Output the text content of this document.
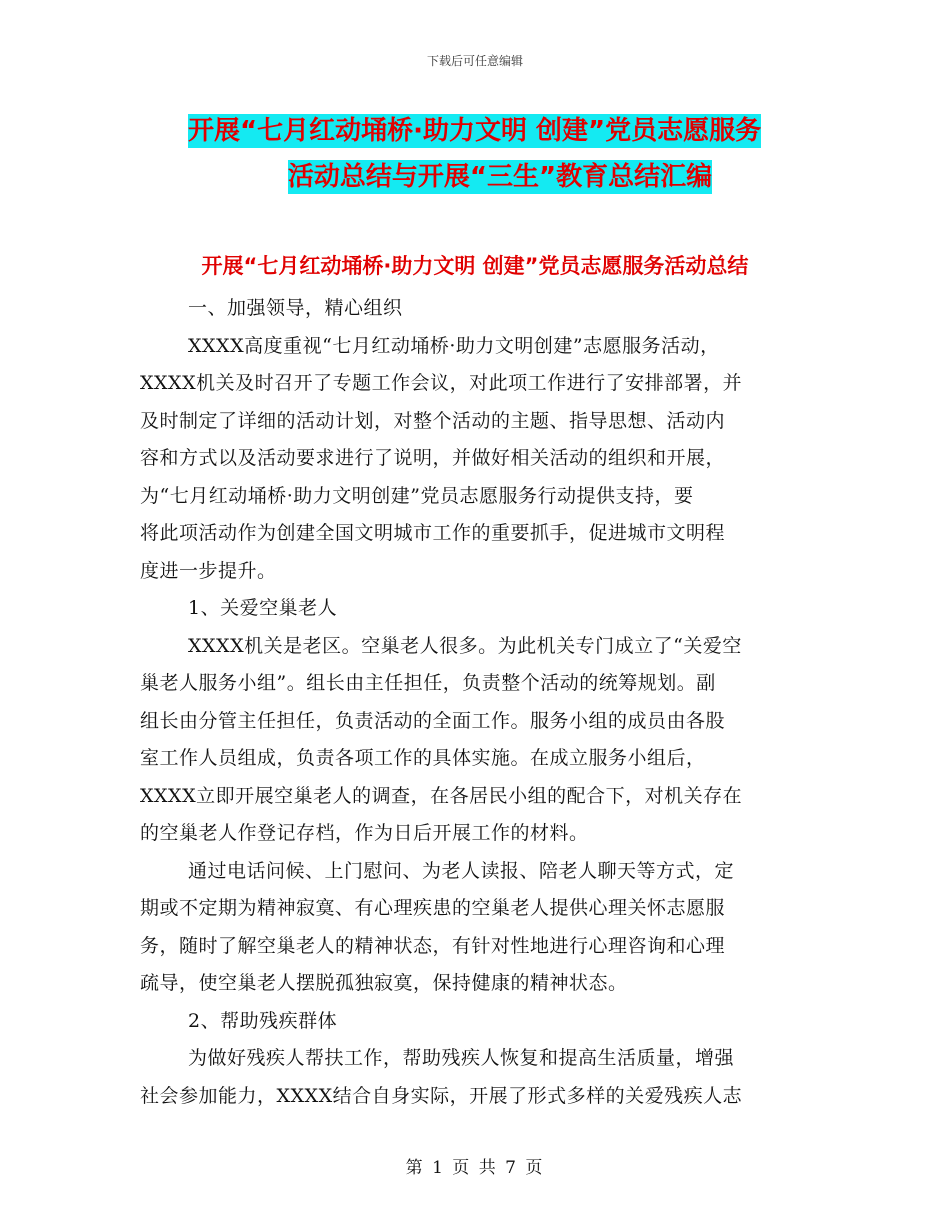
下载后可任意编辑
开展“七月红动埇桥·助力文明 创建”党员志愿服务
活动总结与开展“三生”教育总结汇编
开展“七月红动埇桥·助力文明 创建”党员志愿服务活动总结

一、加强领导，精心组织

XXXX高度重视“七月红动埇桥·助力文明创建”志愿服务活动，

XXXX机关及时召开了专题工作会议，对此项工作进行了安排部署，并

及时制定了详细的活动计划，对整个活动的主题、指导思想、活动内

容和方式以及活动要求进行了说明，并做好相关活动的组织和开展，

为“七月红动埇桥·助力文明创建”党员志愿服务行动提供支持，要

将此项活动作为创建全国文明城市工作的重要抓手，促进城市文明程

度进一步提升。

1、关爱空巢老人

XXXX机关是老区。空巢老人很多。为此机关专门成立了“关爱空

巢老人服务小组”。组长由主任担任，负责整个活动的统筹规划。副

组长由分管主任担任，负责活动的全面工作。服务小组的成员由各股

室工作人员组成，负责各项工作的具体实施。在成立服务小组后，

XXXX立即开展空巢老人的调查，在各居民小组的配合下，对机关存在

的空巢老人作登记存档，作为日后开展工作的材料。

通过电话问候、上门慰问、为老人读报、陪老人聊天等方式，定

期或不定期为精神寂寞、有心理疾患的空巢老人提供心理关怀志愿服

务，随时了解空巢老人的精神状态，有针对性地进行心理咨询和心理

疏导，使空巢老人摆脱孤独寂寞，保持健康的精神状态。

2、帮助残疾群体

为做好残疾人帮扶工作，帮助残疾人恢复和提高生活质量，增强

社会参加能力，XXXX结合自身实际，开展了形式多样的关爱残疾人志

第 1 页 共 7 页
